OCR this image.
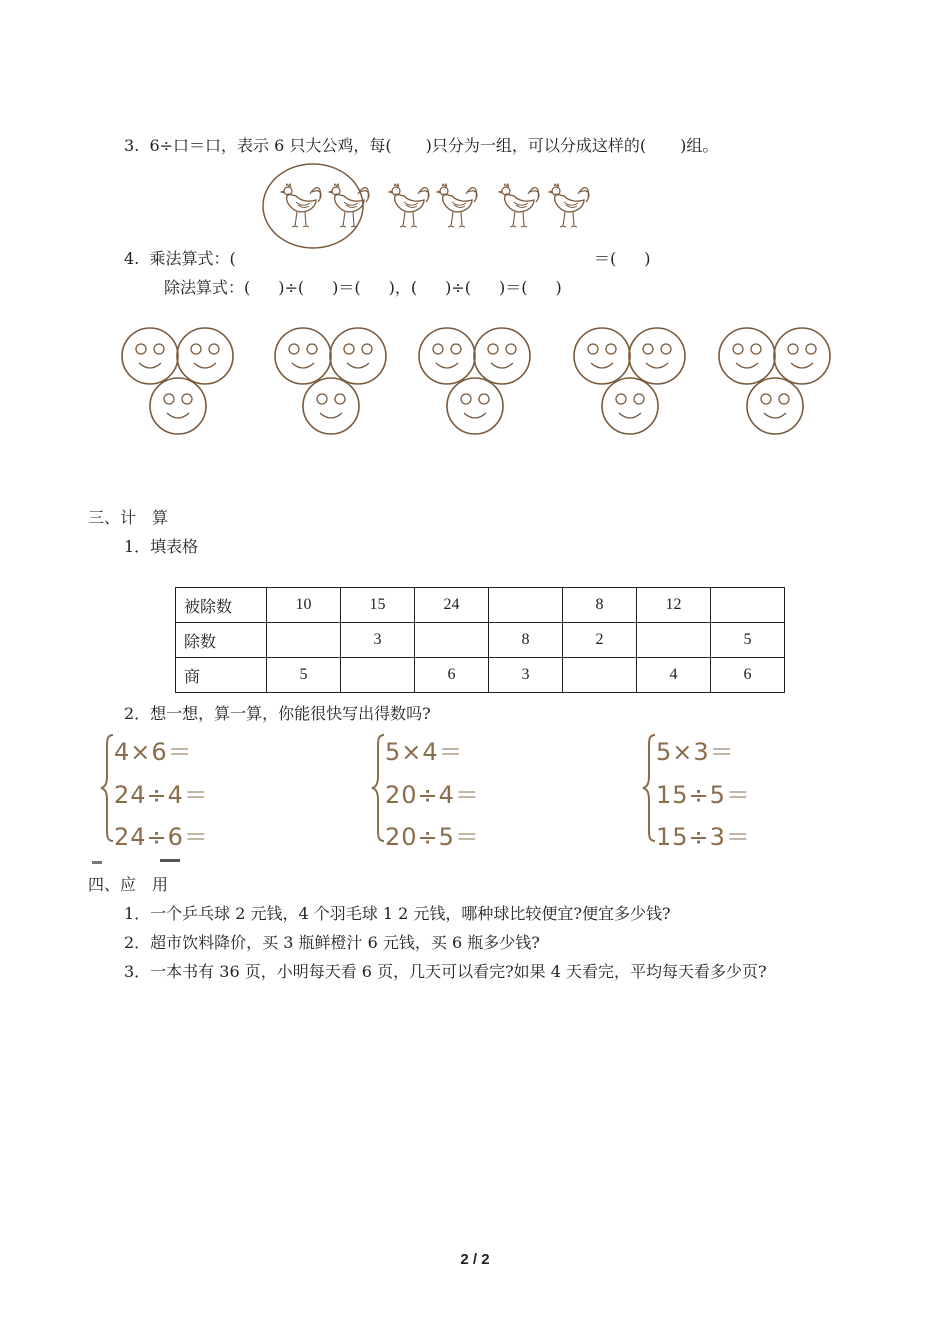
3. 6÷口＝口，表示 6 只大公鸡，每( )只分为一组，可以分成这样的( )组。
4. 乘法算式：(	＝( )
除法算式：( )÷( )＝( )，( )÷( )＝( )
三、计　算
1．填表格
被除数	10	15	24		8	12	
除数		3		8	2		5
商	5		6	3		4	6
2．想一想，算一算，你能很快写出得数吗?
4×6＝
24÷4＝
24÷6＝
5×4＝
20÷4＝
20÷5＝
5×3＝
15÷5＝
15÷3＝
四、应　用
1．一个乒乓球 2 元钱，4 个羽毛球 1 2 元钱，哪种球比较便宜?便宜多少钱?
2．超市饮料降价，买 3 瓶鲜橙汁 6 元钱，买 6 瓶多少钱?
3．一本书有 36 页，小明每天看 6 页，几天可以看完?如果 4 天看完，平均每天看多少页?
2 / 2
